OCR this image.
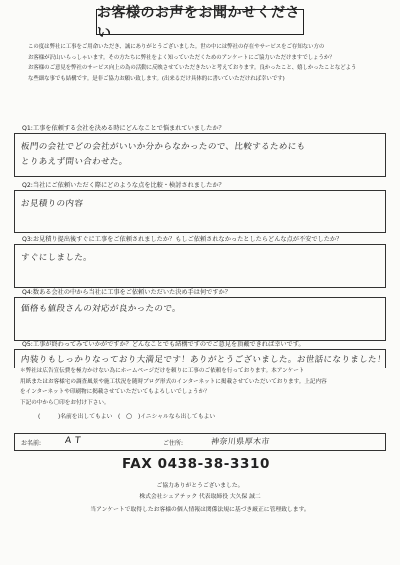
お客様のお声をお聞かせください

この度は弊社に工事をご用命いただき、誠にありがとうございました。世の中には弊社の存在やサービスをご存知ない方の

お客様が沢山いらっしゃいます。その方たちに弊社をよく知っていただくためのアンケートにご協力いただけますでしょうか？

お客様のご意見を弊社のサービス向上の為の活動に反映させていただきたいと考えております。良かったこと、嬉しかったことなどよう

な些細な事でも結構です。是非ご協力お願い致します。(出来るだけ具体的に書いていただければ幸いです)

Q1:工事を依頼する会社を決める時にどんなことで悩まれていましたか？
板門の会社でどの会社がいいか分からなかったので、比較するためにも
とりあえず問い合わせた。
Q2:当社にご依頼いただく際にどのような点を比較・検討されましたか？
お見積りの内容
Q3:お見積り提出後すぐに工事をご依頼されましたか？もしご依頼されなかったとしたらどんな点が不安でしたか？
すぐにしました。
Q4:数ある会社の中から当社に工事をご依頼いただいた決め手は何ですか？
価格も値段さんの対応が良かったので。
Q5:工事が終わってみていかがですか？どんなことでも結構ですのでご意見を頂戴できれば幸いです。
内装りもしっかりなっており大満足です！ありがとうございました。お世話になりました！

＊弊社は広告宣伝費を極力かけない為にホームページだけを頼りに工事のご依頼を行っております。本アンケート

用紙またはお客様宅の調査風景や施工状況を随時ブログ形式のインターネットに掲載させていただいております。上記内容

をインターネットや印刷物に掲載させていただいてもよろしいでしょうか？

下記の中から〇印をお付け下さい。

(	)名前を出してもよい ( ○ )イニシャルなら出してもよい
お名前:	A T	ご住所:	神奈川県厚木市
FAX 0438-38-3310
ご協力ありがとうございました。
株式会社シェアテック 代表取締役 大久保 誠二
当アンケートで取得したお客様の個人情報は関係法規に基づき厳正に管理致します。
